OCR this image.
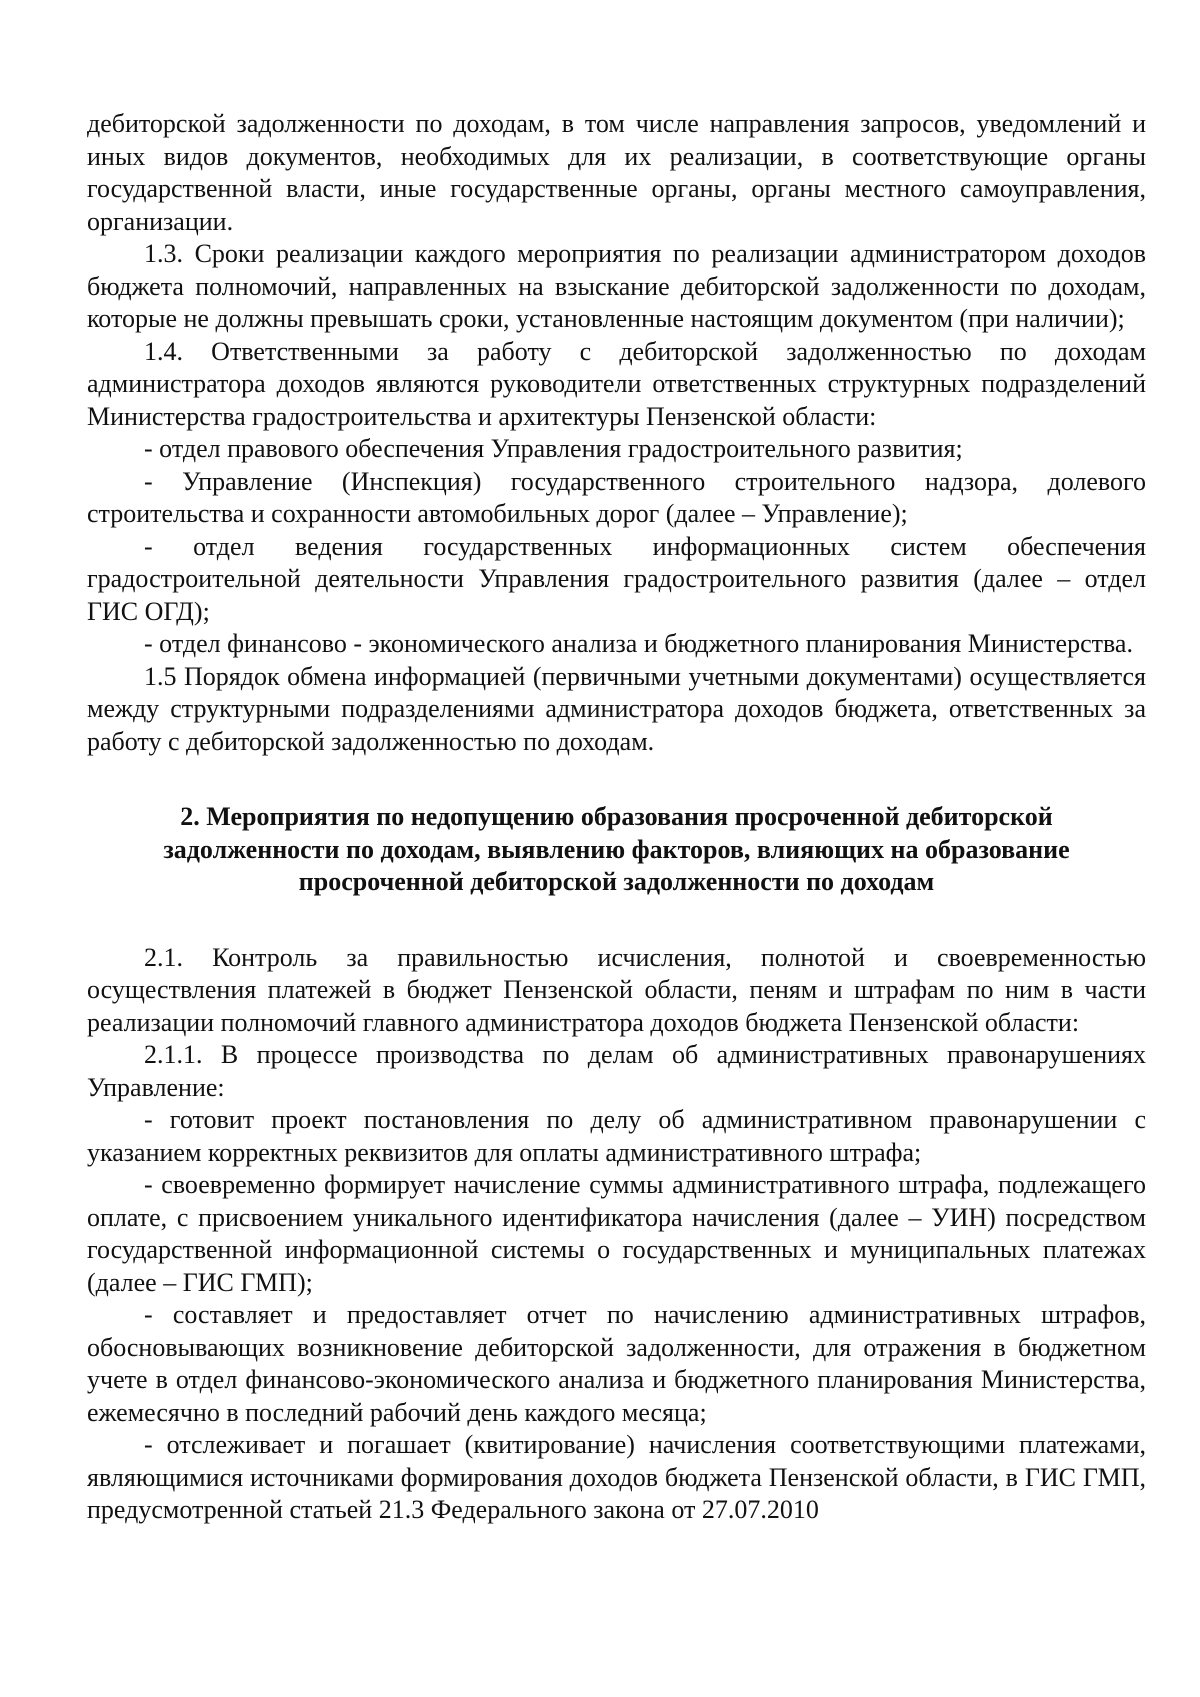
дебиторской задолженности по доходам, в том числе направления запросов, уведомлений и иных видов документов, необходимых для их реализации, в соответствующие органы государственной власти, иные государственные органы, органы местного самоуправления, организации.

1.3. Сроки реализации каждого мероприятия по реализации администратором доходов бюджета полномочий, направленных на взыскание дебиторской задолженности по доходам, которые не должны превышать сроки, установленные настоящим документом (при наличии);

1.4. Ответственными за работу с дебиторской задолженностью по доходам администратора доходов являются руководители ответственных структурных подразделений Министерства градостроительства и архитектуры Пензенской области:

- отдел правового обеспечения Управления градостроительного развития;

- Управление (Инспекция) государственного строительного надзора, долевого строительства и сохранности автомобильных дорог (далее – Управление);

- отдел ведения государственных информационных систем обеспечения градостроительной деятельности Управления градостроительного развития (далее – отдел ГИС ОГД);

- отдел финансово - экономического анализа и бюджетного планирования Министерства.

1.5 Порядок обмена информацией (первичными учетными документами) осуществляется между структурными подразделениями администратора доходов бюджета, ответственных за работу с дебиторской задолженностью по доходам.

2. Мероприятия по недопущению образования просроченной дебиторской задолженности по доходам, выявлению факторов, влияющих на образование просроченной дебиторской задолженности по доходам

2.1. Контроль за правильностью исчисления, полнотой и своевременностью осуществления платежей в бюджет Пензенской области, пеням и штрафам по ним в части реализации полномочий главного администратора доходов бюджета Пензенской области:

2.1.1. В процессе производства по делам об административных правонарушениях Управление:

- готовит проект постановления по делу об административном правонарушении с указанием корректных реквизитов для оплаты административного штрафа;

- своевременно формирует начисление суммы административного штрафа, подлежащего оплате, с присвоением уникального идентификатора начисления (далее – УИН) посредством государственной информационной системы о государственных и муниципальных платежах (далее – ГИС ГМП);

- составляет и предоставляет отчет по начислению административных штрафов, обосновывающих возникновение дебиторской задолженности, для отражения в бюджетном учете в отдел финансово-экономического анализа и бюджетного планирования Министерства, ежемесячно в последний рабочий день каждого месяца;

- отслеживает и погашает (квитирование) начисления соответствующими платежами, являющимися источниками формирования доходов бюджета Пензенской области, в ГИС ГМП, предусмотренной статьей 21.3 Федерального закона от 27.07.2010
